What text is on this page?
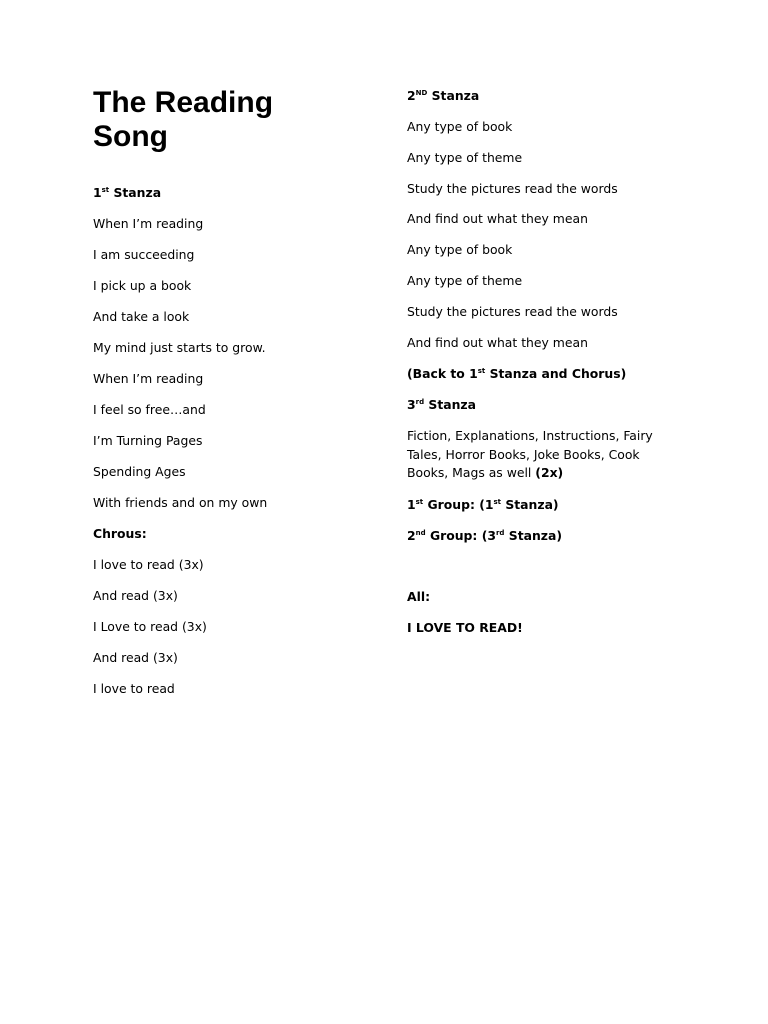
The Reading Song
1st Stanza
When I’m reading
I am succeeding
I pick up a book
And take a look
My mind just starts to grow.
When I’m reading
I feel so free…and
I’m Turning Pages
Spending Ages
With friends and on my own
Chrous:
I love to read (3x)
And read (3x)
I Love to read (3x)
And read (3x)
I love to read
2ND Stanza
Any type of book
Any type of theme
Study the pictures read the words
And find out what they mean
Any type of book
Any type of theme
Study the pictures read the words
And find out what they mean
(Back to 1st Stanza and Chorus)
3rd Stanza
Fiction, Explanations, Instructions, Fairy Tales, Horror Books, Joke Books, Cook Books, Mags as well (2x)
1st Group: (1st Stanza)
2nd Group: (3rd Stanza)
All:
I LOVE TO READ!
